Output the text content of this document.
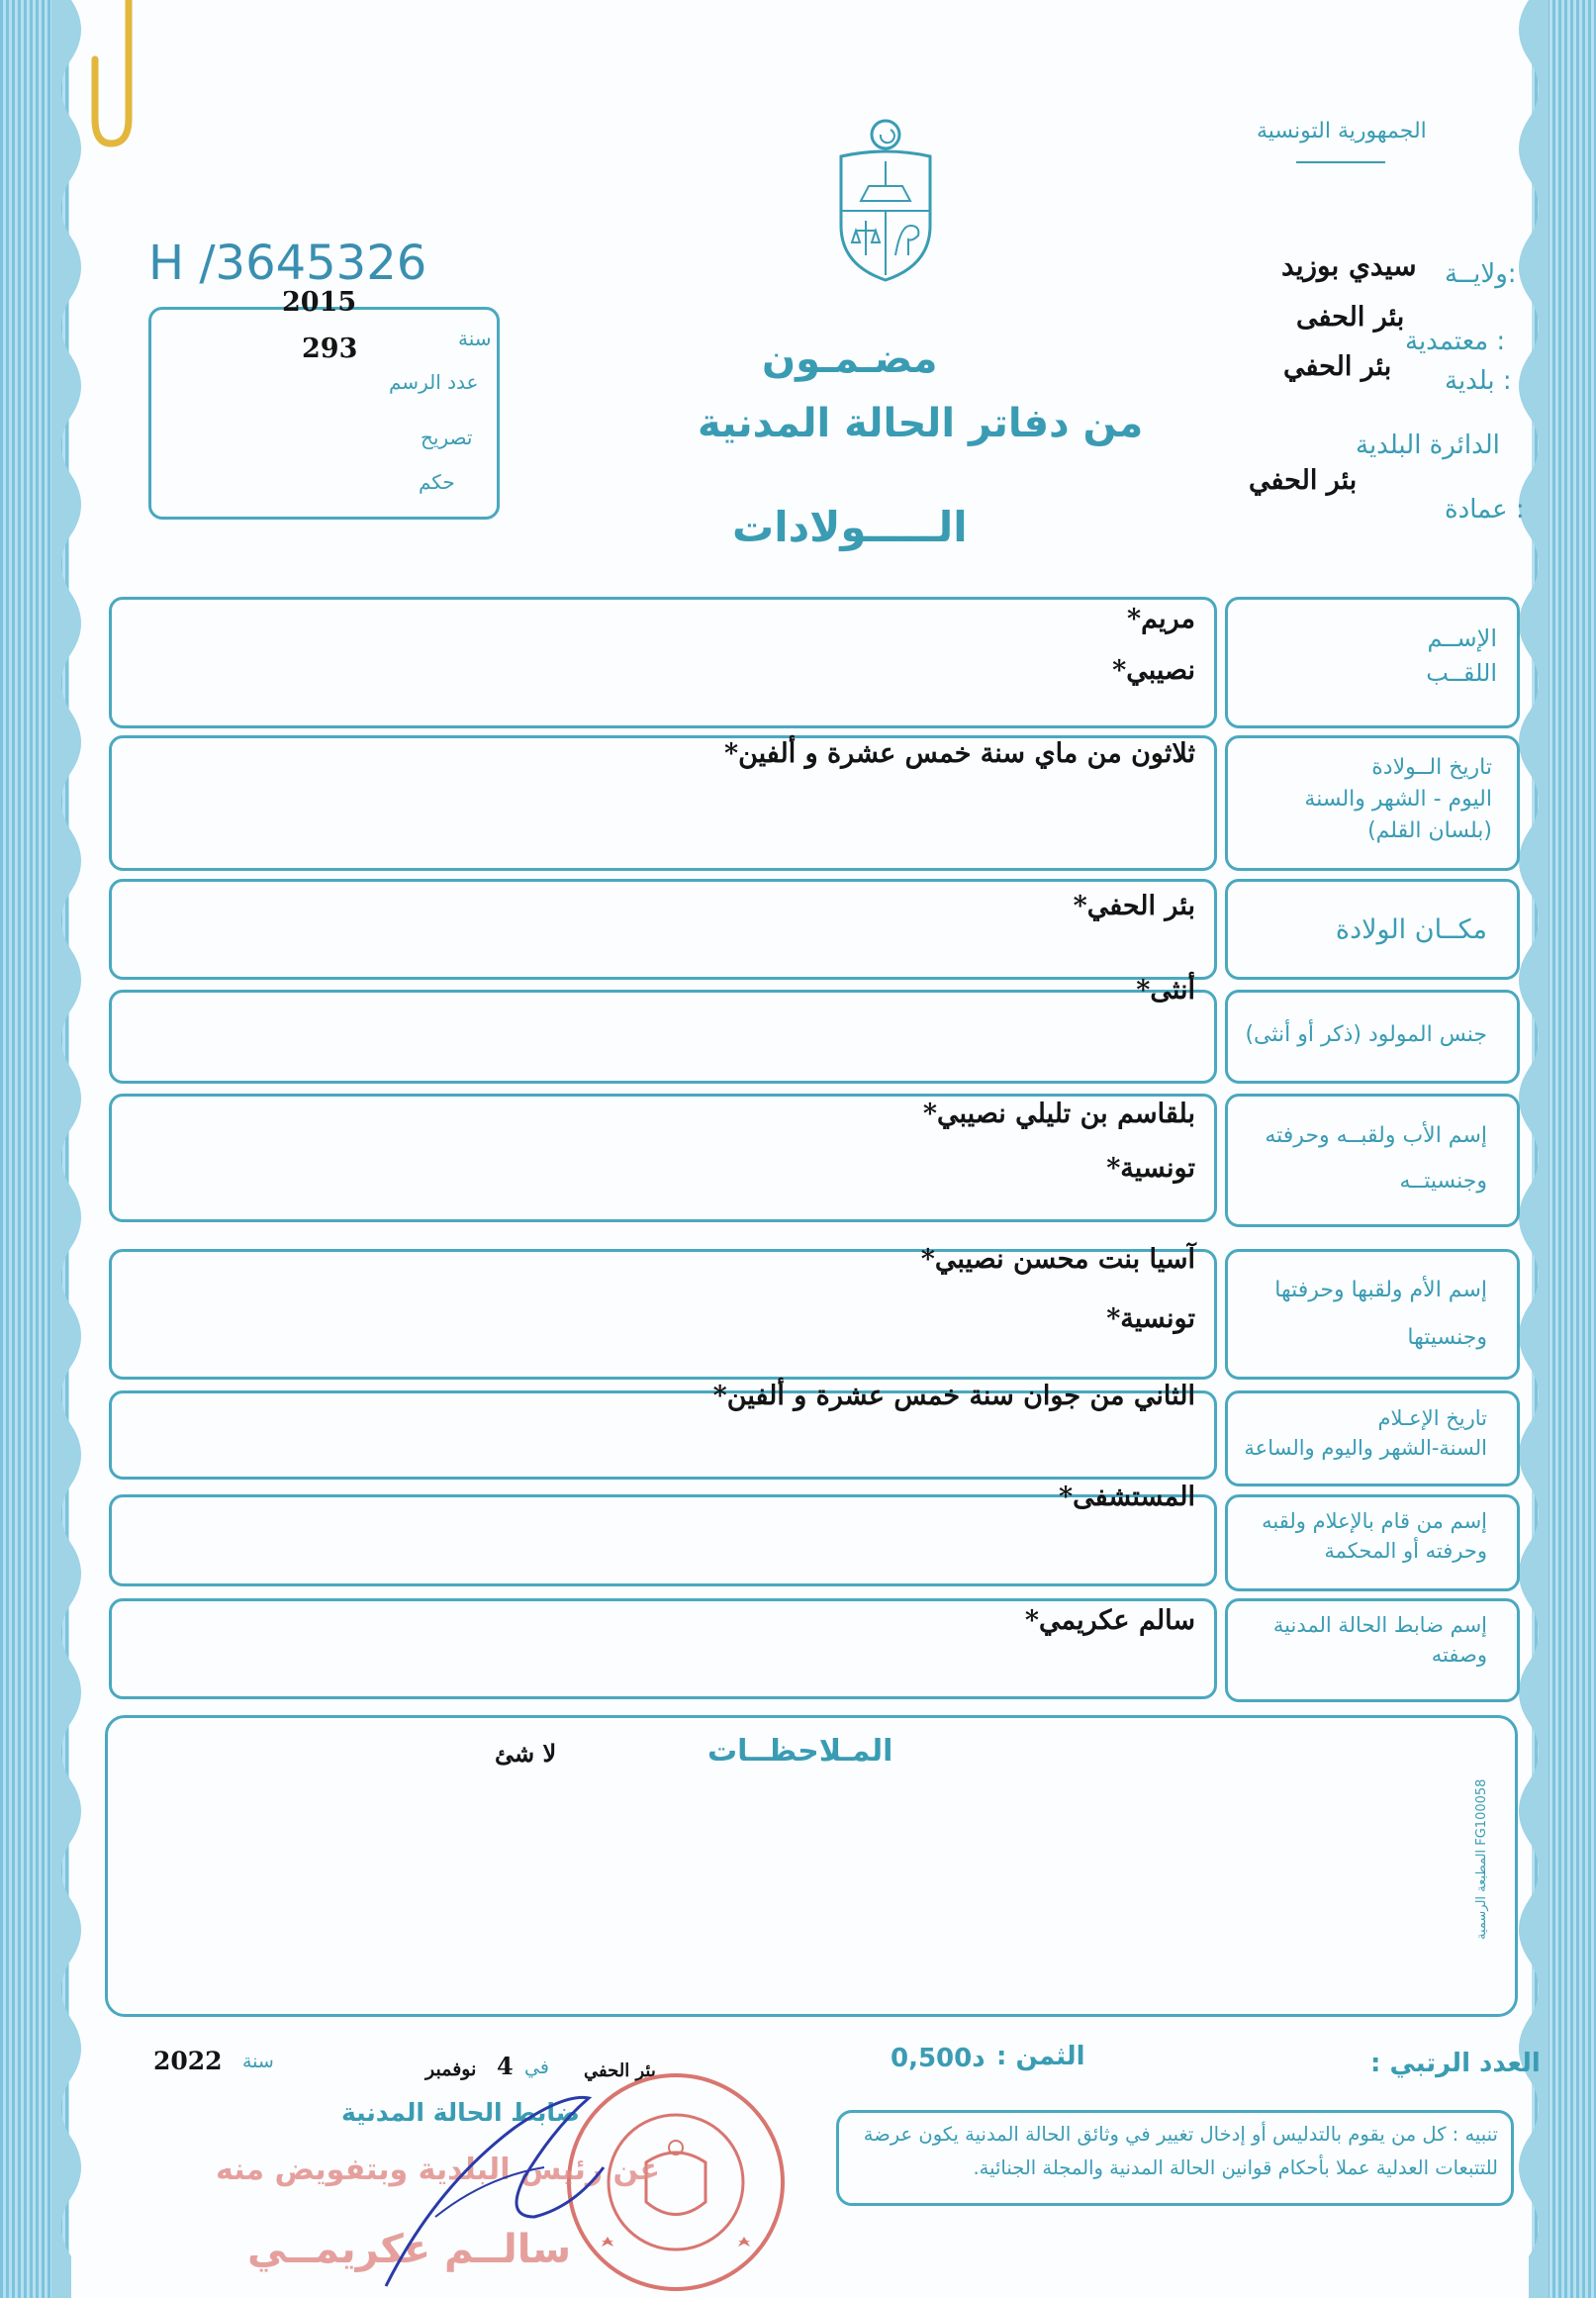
الجمهورية التونسية
H /3645326
2015
293	سنة
عدد الرسم
تصريح
حكم
مضـمـون
من دفاتر الحالة المدنية
الـــــولادات
ولايــة:
سيدي بوزيد
معتمدية :
بئر الحفى
بلدية :
بئر الحفي
الدائرة البلدية
بئر الحفي
عمادة :
الإســم
اللقــب
مريم*
نصيبي*
تاريخ الــولادة
اليوم - الشهر والسنة
(بلسان القلم)
ثلاثون من ماي سنة خمس عشرة و ألفين*
مكــان الولادة
بئر الحفي*
جنس المولود (ذكر أو أنثى)
أنثى*
إسم الأب ولقبــه وحرفته
وجنسيتــه
بلقاسم بن تليلي نصيبي*
تونسية*
إسم الأم ولقبها وحرفتها
وجنسيتها
آسيا بنت محسن نصيبي*
تونسية*
تاريخ الإعـلام
السنة-الشهر واليوم والساعة
الثاني من جوان سنة خمس عشرة و ألفين*
إسم من قام بالإعلام ولقبه
وحرفته أو المحكمة
المستشفى*
إسم ضابط الحالة المدنية
وصفته
سالم عكريمي*
المـلاحظــات
لا شئ
المطبعة الرسمية FG100058
العدد الرتبي :
الثمن :
0,500د
بئر الحفي
في
4
نوفمبر
سنة
2022
ضابط الحالة المدنية
عن رئيس البلدية وبتفويض منه
سالــم عكريمــي
تنبيه : كل من يقوم بالتدليس أو إدخال تغيير في وثائق الحالة المدنية يكون عرضة
للتتبعات العدلية عملا بأحكام قوانين الحالة المدنية والمجلة الجنائية.
